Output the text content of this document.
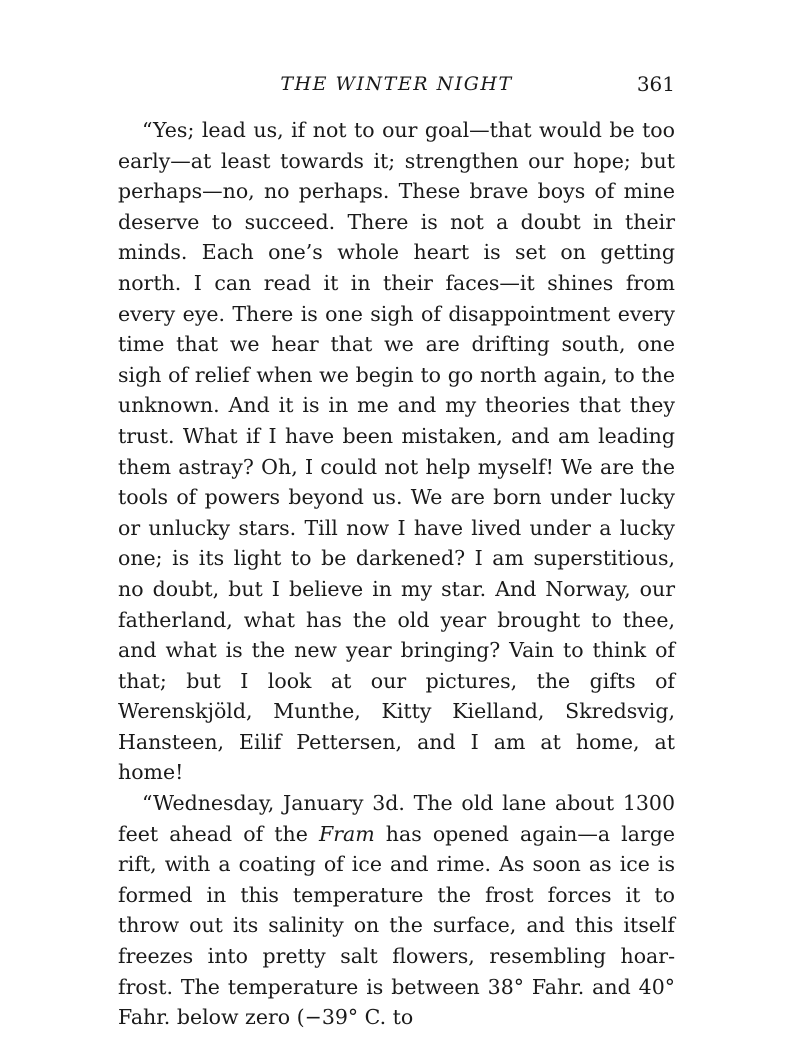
THE WINTER NIGHT	361

“Yes; lead us, if not to our goal—that would be too early—at least towards it; strengthen our hope; but perhaps—no, no perhaps. These brave boys of mine deserve to succeed. There is not a doubt in their minds. Each one’s whole heart is set on getting north. I can read it in their faces—it shines from every eye. There is one sigh of disappointment every time that we hear that we are drifting south, one sigh of relief when we begin to go north again, to the unknown. And it is in me and my theories that they trust. What if I have been mistaken, and am leading them astray? Oh, I could not help myself! We are the tools of powers beyond us. We are born under lucky or unlucky stars. Till now I have lived under a lucky one; is its light to be darkened? I am superstitious, no doubt, but I believe in my star. And Norway, our fatherland, what has the old year brought to thee, and what is the new year bringing? Vain to think of that; but I look at our pictures, the gifts of Werenskjöld, Munthe, Kitty Kielland, Skredsvig, Hansteen, Eilif Pettersen, and I am at home, at home!

“Wednesday, January 3d. The old lane about 1300 feet ahead of the Fram has opened again—a large rift, with a coating of ice and rime. As soon as ice is formed in this temperature the frost forces it to throw out its salinity on the surface, and this itself freezes into pretty salt flowers, resembling hoar-frost. The temperature is between 38° Fahr. and 40° Fahr. below zero (−39° C. to
